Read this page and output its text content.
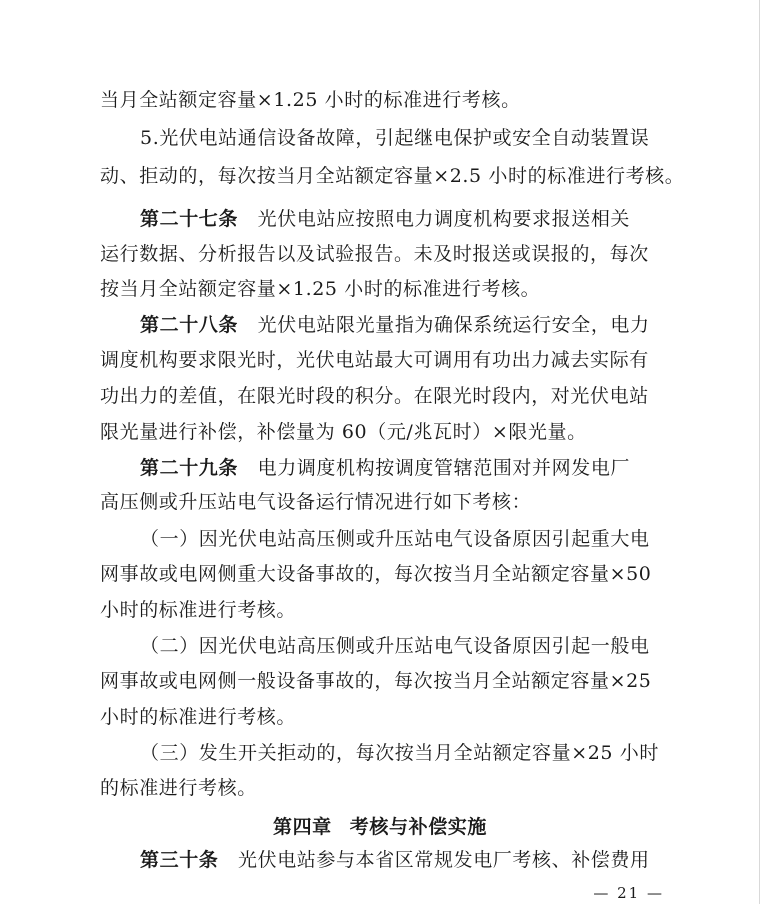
当月全站额定容量×1.25 小时的标准进行考核。
5.光伏电站通信设备故障，引起继电保护或安全自动装置误
动、拒动的，每次按当月全站额定容量×2.5 小时的标准进行考核。
第二十七条　光伏电站应按照电力调度机构要求报送相关
运行数据、分析报告以及试验报告。未及时报送或误报的，每次
按当月全站额定容量×1.25 小时的标准进行考核。
第二十八条　光伏电站限光量指为确保系统运行安全，电力
调度机构要求限光时，光伏电站最大可调用有功出力减去实际有
功出力的差值，在限光时段的积分。在限光时段内，对光伏电站
限光量进行补偿，补偿量为 60（元/兆瓦时）×限光量。
第二十九条　电力调度机构按调度管辖范围对并网发电厂
高压侧或升压站电气设备运行情况进行如下考核：
（一）因光伏电站高压侧或升压站电气设备原因引起重大电
网事故或电网侧重大设备事故的，每次按当月全站额定容量×50
小时的标准进行考核。
（二）因光伏电站高压侧或升压站电气设备原因引起一般电
网事故或电网侧一般设备事故的，每次按当月全站额定容量×25
小时的标准进行考核。
（三）发生开关拒动的，每次按当月全站额定容量×25 小时
的标准进行考核。
第四章 考核与补偿实施
第三十条　光伏电站参与本省区常规发电厂考核、补偿费用
— 21 —
